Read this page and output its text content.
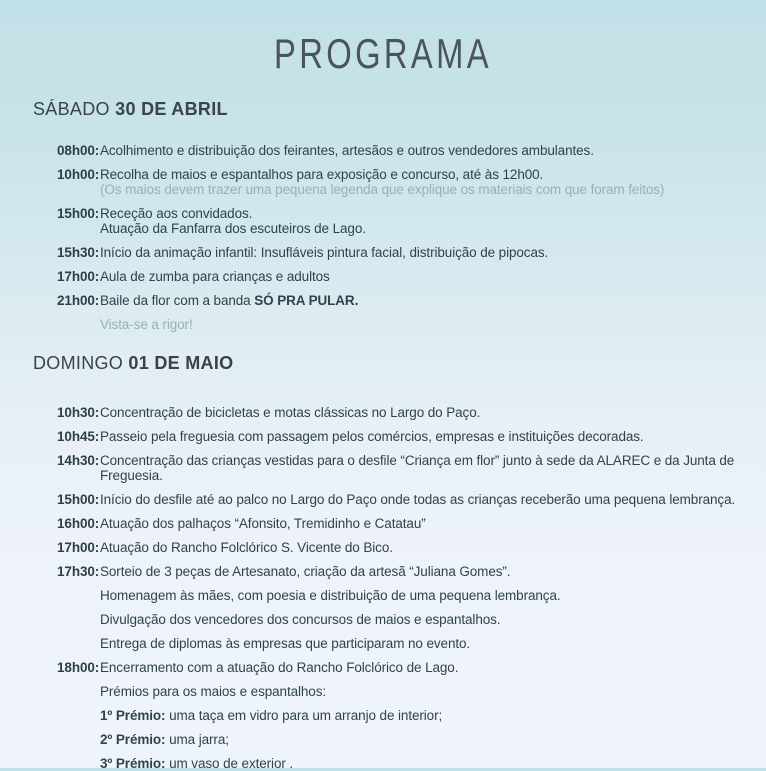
PROGRAMA
SÁBADO 30 DE ABRIL
08h00: Acolhimento e distribuição dos feirantes, artesãos e outros vendedores ambulantes.
10h00: Recolha de maios e espantalhos para exposição e concurso, até às 12h00.
(Os maios devem trazer uma pequena legenda que explique os materiais com que foram feitos)
15h00: Receção aos convidados.
Atuação da Fanfarra dos escuteiros de Lago.
15h30: Início da animação infantil: Insufláveis pintura facial, distribuição de pipocas.
17h00: Aula de zumba para crianças e adultos
21h00: Baile da flor com a banda SÓ PRA PULAR.
Vista-se a rigor!
DOMINGO 01 DE MAIO
10h30: Concentração de bicicletas e motas clássicas no Largo do Paço.
10h45: Passeio pela freguesia com passagem pelos comércios, empresas e instituições decoradas.
14h30: Concentração das crianças vestidas para o desfile “Criança em flor” junto à sede da ALAREC e da Junta de Freguesia.
15h00: Início do desfile até ao palco no Largo do Paço onde todas as crianças receberão uma pequena lembrança.
16h00: Atuação dos palhaços “Afonsito, Tremidinho e Catatau”
17h00: Atuação do Rancho Folclórico S. Vicente do Bico.
17h30: Sorteio de 3 peças de Artesanato, criação da artesã “Juliana Gomes”.
Homenagem às mães, com poesia e distribuição de uma pequena lembrança.
Divulgação dos vencedores dos concursos de maios e espantalhos.
Entrega de diplomas às empresas que participaram no evento.
18h00: Encerramento com a atuação do Rancho Folclórico de Lago.
Prémios para os maios e espantalhos:
1º Prémio: uma taça em vidro para um arranjo de interior;
2º Prémio: uma jarra;
3º Prémio: um vaso de exterior .
